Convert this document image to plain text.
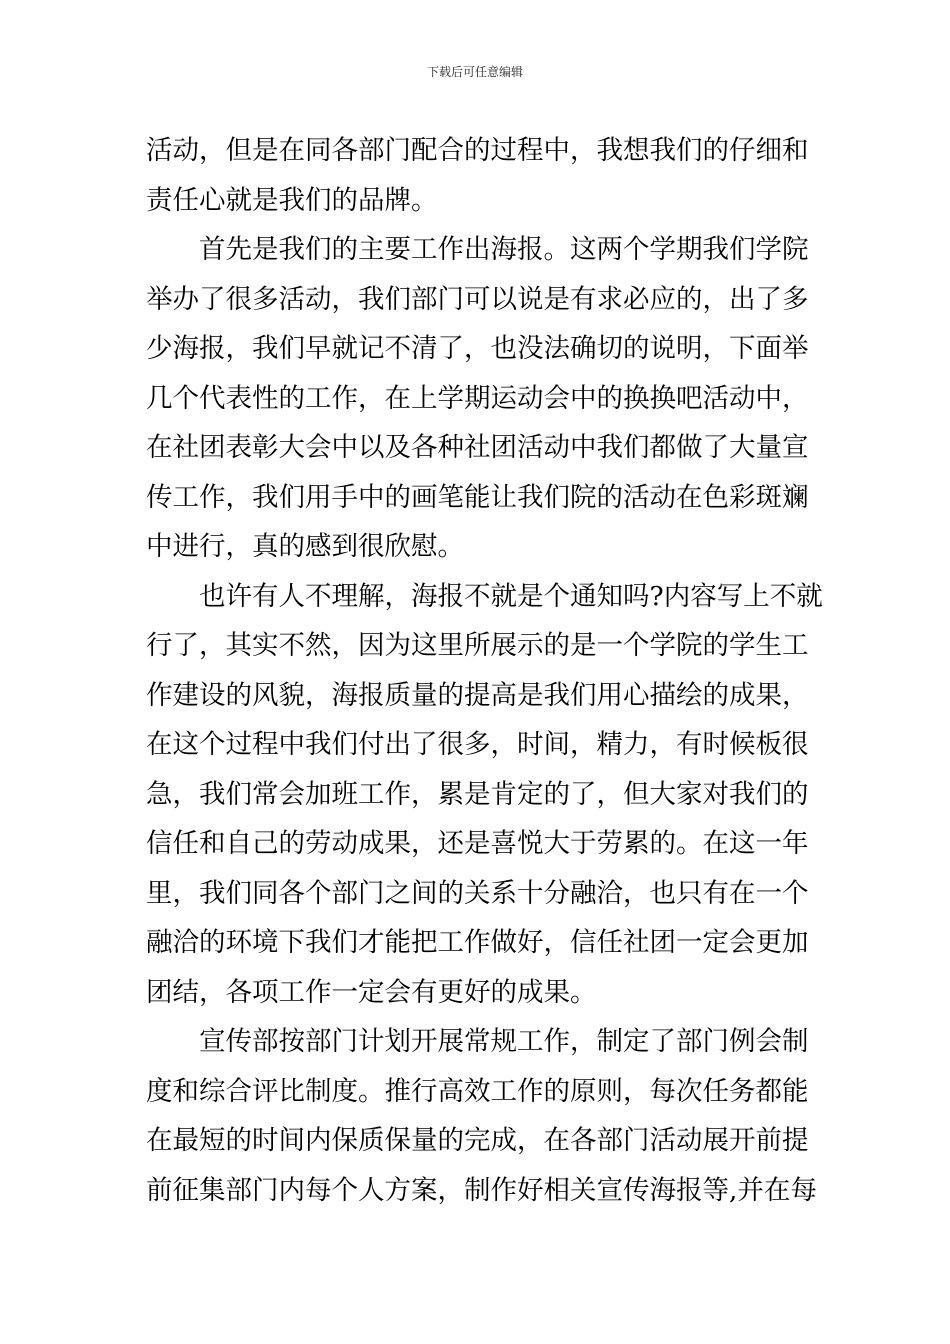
下载后可任意编辑
活动，但是在同各部门配合的过程中，我想我们的仔细和
责任心就是我们的品牌。
首先是我们的主要工作出海报。这两个学期我们学院
举办了很多活动，我们部门可以说是有求必应的，出了多
少海报，我们早就记不清了，也没法确切的说明，下面举
几个代表性的工作，在上学期运动会中的换换吧活动中，
在社团表彰大会中以及各种社团活动中我们都做了大量宣
传工作，我们用手中的画笔能让我们院的活动在色彩斑斓
中进行，真的感到很欣慰。
也许有人不理解，海报不就是个通知吗?内容写上不就
行了，其实不然，因为这里所展示的是一个学院的学生工
作建设的风貌，海报质量的提高是我们用心描绘的成果，
在这个过程中我们付出了很多，时间，精力，有时候板很
急，我们常会加班工作，累是肯定的了，但大家对我们的
信任和自己的劳动成果，还是喜悦大于劳累的。在这一年
里，我们同各个部门之间的关系十分融洽，也只有在一个
融洽的环境下我们才能把工作做好，信任社团一定会更加
团结，各项工作一定会有更好的成果。
宣传部按部门计划开展常规工作，制定了部门例会制
度和综合评比制度。推行高效工作的原则，每次任务都能
在最短的时间内保质保量的完成，在各部门活动展开前提
前征集部门内每个人方案，制作好相关宣传海报等,并在每
